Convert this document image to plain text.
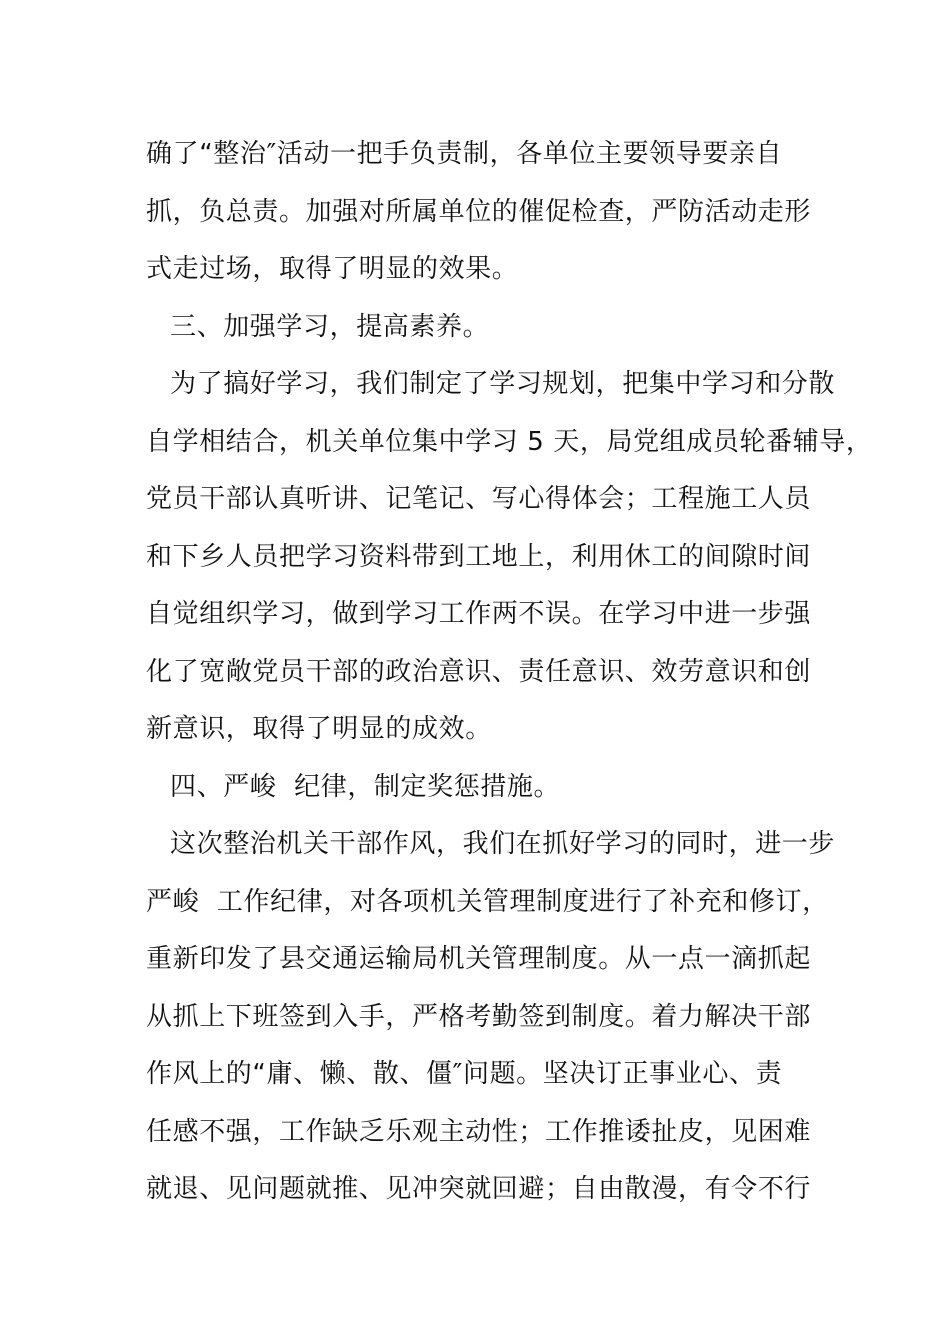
确了“整治″活动一把手负责制，各单位主要领导要亲自
抓，负总责。加强对所属单位的催促检查，严防活动走形
式走过场，取得了明显的效果。
三、加强学习，提高素养。
为了搞好学习，我们制定了学习规划，把集中学习和分散
自学相结合，机关单位集中学习 5 天，局党组成员轮番辅导，
党员干部认真听讲、记笔记、写心得体会；工程施工人员
和下乡人员把学习资料带到工地上，利用休工的间隙时间
自觉组织学习，做到学习工作两不误。在学习中进一步强
化了宽敞党员干部的政治意识、责任意识、效劳意识和创
新意识，取得了明显的成效。
四、严峻  纪律，制定奖惩措施。
这次整治机关干部作风，我们在抓好学习的同时，进一步
严峻  工作纪律，对各项机关管理制度进行了补充和修订，
重新印发了县交通运输局机关管理制度。从一点一滴抓起
从抓上下班签到入手，严格考勤签到制度。着力解决干部
作风上的“庸、懒、散、僵″问题。坚决订正事业心、责
任感不强，工作缺乏乐观主动性；工作推诿扯皮，见困难
就退、见问题就推、见冲突就回避；自由散漫，有令不行
